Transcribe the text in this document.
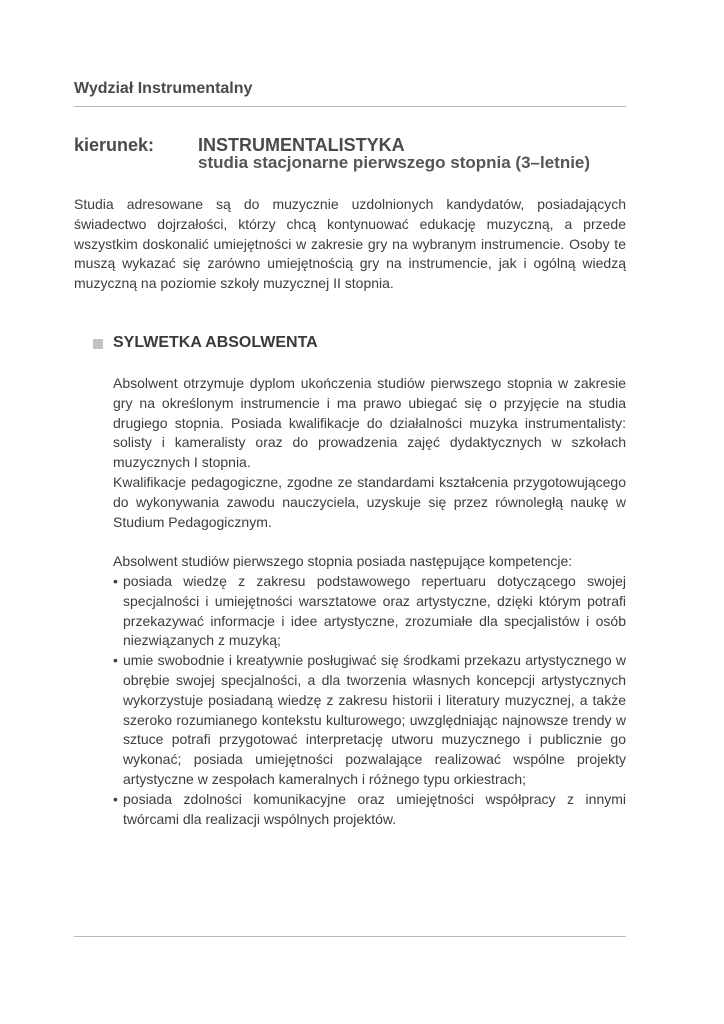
Wydział Instrumentalny
kierunek: INSTRUMENTALISTYKA
studia stacjonarne pierwszego stopnia (3–letnie)

Studia adresowane są do muzycznie uzdolnionych kandydatów, posiadających świadectwo dojrzałości, którzy chcą kontynuować edukację muzyczną, a przede wszystkim doskonalić umiejętności w zakresie gry na wybranym instrumencie. Osoby te muszą wykazać się zarówno umiejętnością gry na instrumencie, jak i ogólną wiedzą muzyczną na poziomie szkoły muzycznej II stopnia.

SYLWETKA ABSOLWENTA

Absolwent otrzymuje dyplom ukończenia studiów pierwszego stopnia w zakresie gry na określonym instrumencie i ma prawo ubiegać się o przyjęcie na studia drugiego stopnia. Posiada kwalifikacje do działalności muzyka instrumentalisty: solisty i kameralisty oraz do prowadzenia zajęć dydaktycznych w szkołach muzycznych I stopnia.

Kwalifikacje pedagogiczne, zgodne ze standardami kształcenia przygotowującego do wykonywania zawodu nauczyciela, uzyskuje się przez równoległą naukę w Studium Pedagogicznym.

Absolwent studiów pierwszego stopnia posiada następujące kompetencje:

• posiada wiedzę z zakresu podstawowego repertuaru dotyczącego swojej specjalności i umiejętności warsztatowe oraz artystyczne, dzięki którym potrafi przekazywać informacje i idee artystyczne, zrozumiałe dla specjalistów i osób niezwiązanych z muzyką;
• umie swobodnie i kreatywnie posługiwać się środkami przekazu artystycznego w obrębie swojej specjalności, a dla tworzenia własnych koncepcji artystycznych wykorzystuje posiadaną wiedzę z zakresu historii i literatury muzycznej, a także szeroko rozumianego kontekstu kulturowego; uwzględniając najnowsze trendy w sztuce potrafi przygotować interpretację utworu muzycznego i publicznie go wykonać; posiada umiejętności pozwalające realizować wspólne projekty artystyczne w zespołach kameralnych i różnego typu orkiestrach;
• posiada zdolności komunikacyjne oraz umiejętności współpracy z innymi twórcami dla realizacji wspólnych projektów.
